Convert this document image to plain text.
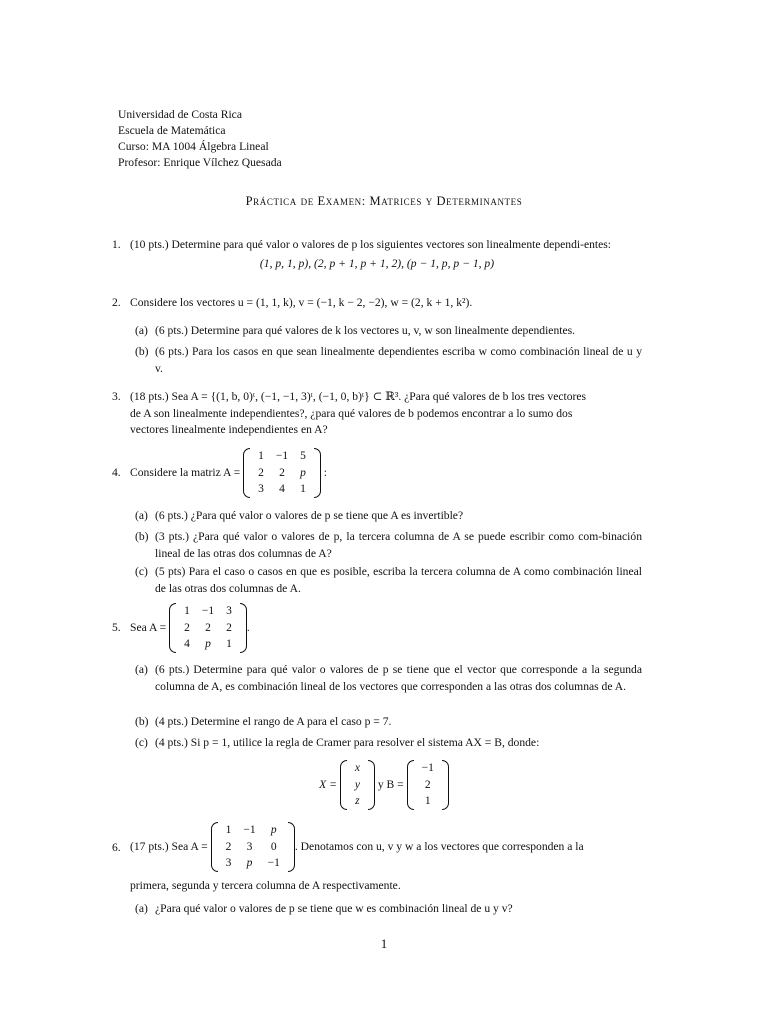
Universidad de Costa Rica
Escuela de Matemática
Curso: MA 1004 Álgebra Lineal
Profesor: Enrique Vílchez Quesada
Práctica de Examen: Matrices y Determinantes
1. (10 pts.) Determine para qué valor o valores de p los siguientes vectores son linealmente dependi-entes:
(1, p, 1, p), (2, p + 1, p + 1, 2), (p − 1, p, p − 1, p)
2. Considere los vectores u = (1, 1, k), v = (−1, k − 2, −2), w = (2, k + 1, k²).
(a) (6 pts.) Determine para qué valores de k los vectores u, v, w son linealmente dependientes.
(b) (6 pts.) Para los casos en que sean linealmente dependientes escriba w como combinación lineal de u y v.
3. (18 pts.) Sea A = {(1, b, 0)ᵗ, (−1, −1, 3)ᵗ, (−1, 0, b)ᵗ} ⊂ ℝ³. ¿Para qué valores de b los tres vectores
de A son linealmente independientes?, ¿para qué valores de b podemos encontrar a lo sumo dos
vectores linealmente independientes en A?
4. Considere la matriz A =

1	−1	5
2	2	p
3	4	1

:
(a) (6 pts.) ¿Para qué valor o valores de p se tiene que A es invertible?
(b) (3 pts.) ¿Para qué valor o valores de p, la tercera columna de A se puede escribir como com-binación lineal de las otras dos columnas de A?
(c) (5 pts) Para el caso o casos en que es posible, escriba la tercera columna de A como combinación lineal de las otras dos columnas de A.
5. Sea A =

1	−1	3
2	2	2
4	p	1
.
(a) (6 pts.) Determine para qué valor o valores de p se tiene que el vector que corresponde a la segunda columna de A, es combinación lineal de los vectores que corresponden a las otras dos columnas de A.
(b) (4 pts.) Determine el rango de A para el caso p = 7.
(c) (4 pts.) Si p = 1, utilice la regla de Cramer para resolver el sistema AX = B, donde:
X =

x
y
z

y B =

−1
2
1
6. (17 pts.) Sea A =

1	−1	p
2	3	0
3	p	−1
. Denotamos con u, v y w a los vectores que corresponden a la
primera, segunda y tercera columna de A respectivamente.
(a) ¿Para qué valor o valores de p se tiene que w es combinación lineal de u y v?
1
